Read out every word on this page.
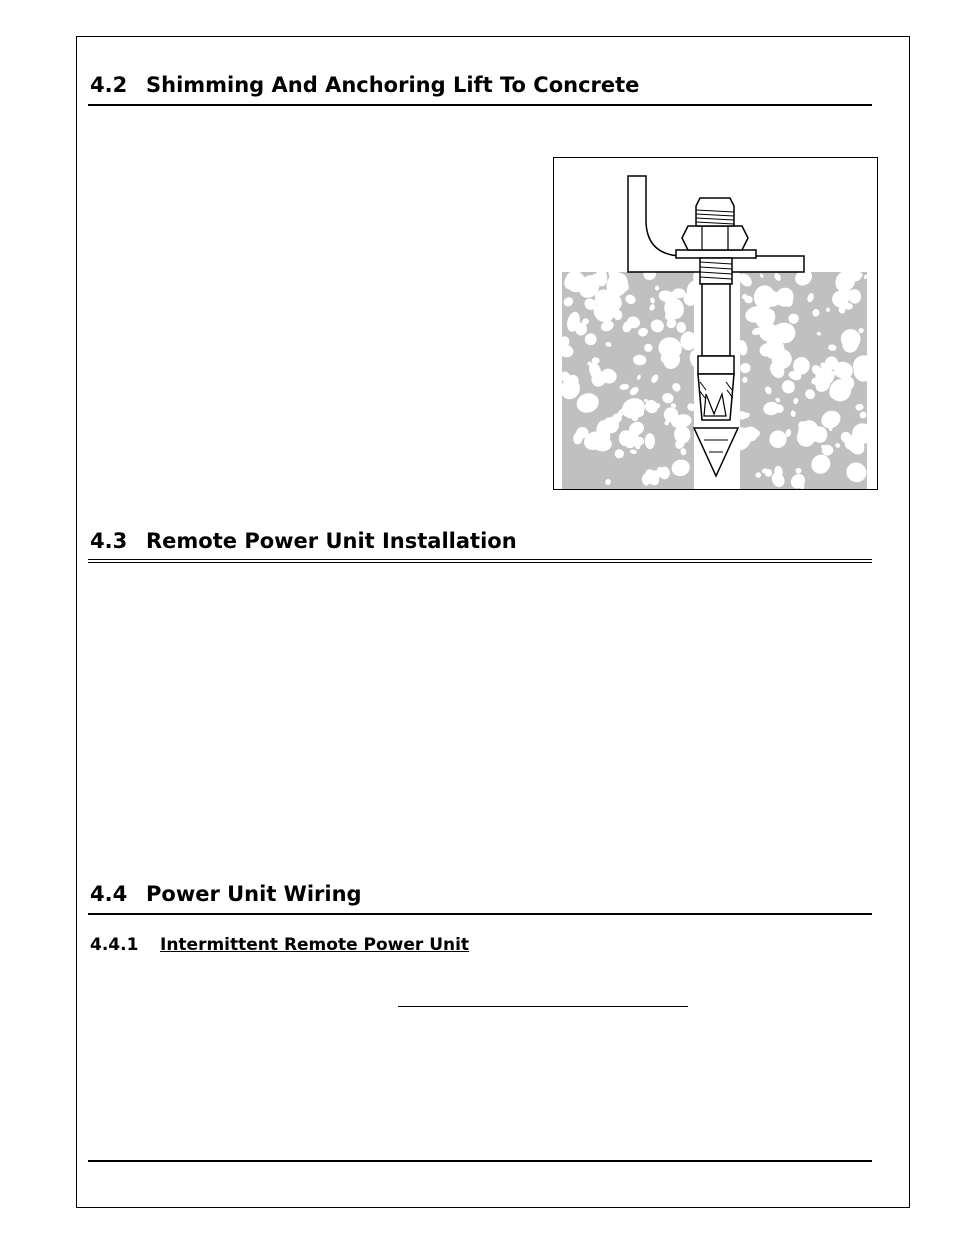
4.2 Shimming And Anchoring Lift To Concrete
4.3 Remote Power Unit Installation
4.4 Power Unit Wiring
4.4.1 Intermittent Remote Power Unit
